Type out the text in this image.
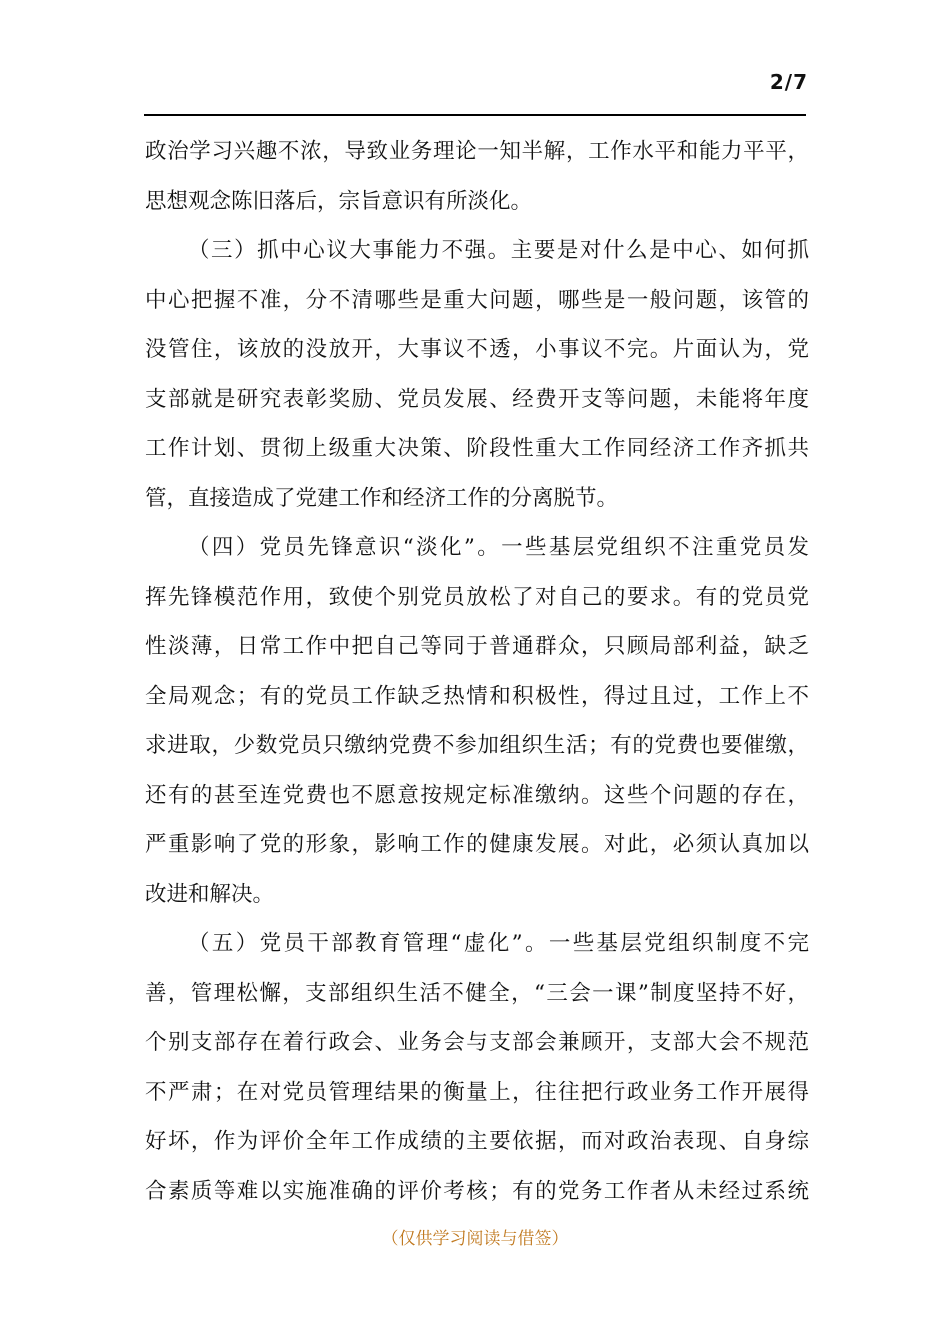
2/7
政治学习兴趣不浓，导致业务理论一知半解，工作水平和能力平平，
思想观念陈旧落后，宗旨意识有所淡化。
（三）抓中心议大事能力不强。主要是对什么是中心、如何抓
中心把握不准，分不清哪些是重大问题，哪些是一般问题，该管的
没管住，该放的没放开，大事议不透，小事议不完。片面认为，党
支部就是研究表彰奖励、党员发展、经费开支等问题，未能将年度
工作计划、贯彻上级重大决策、阶段性重大工作同经济工作齐抓共
管，直接造成了党建工作和经济工作的分离脱节。
（四）党员先锋意识“淡化”。一些基层党组织不注重党员发
挥先锋模范作用，致使个别党员放松了对自己的要求。有的党员党
性淡薄，日常工作中把自己等同于普通群众，只顾局部利益，缺乏
全局观念；有的党员工作缺乏热情和积极性，得过且过，工作上不
求进取，少数党员只缴纳党费不参加组织生活；有的党费也要催缴，
还有的甚至连党费也不愿意按规定标准缴纳。这些个问题的存在，
严重影响了党的形象，影响工作的健康发展。对此，必须认真加以
改进和解决。
（五）党员干部教育管理“虚化”。一些基层党组织制度不完
善，管理松懈，支部组织生活不健全，“三会一课”制度坚持不好，
个别支部存在着行政会、业务会与支部会兼顾开，支部大会不规范
不严肃；在对党员管理结果的衡量上，往往把行政业务工作开展得
好坏，作为评价全年工作成绩的主要依据，而对政治表现、自身综
合素质等难以实施准确的评价考核；有的党务工作者从未经过系统
（仅供学习阅读与借签）
